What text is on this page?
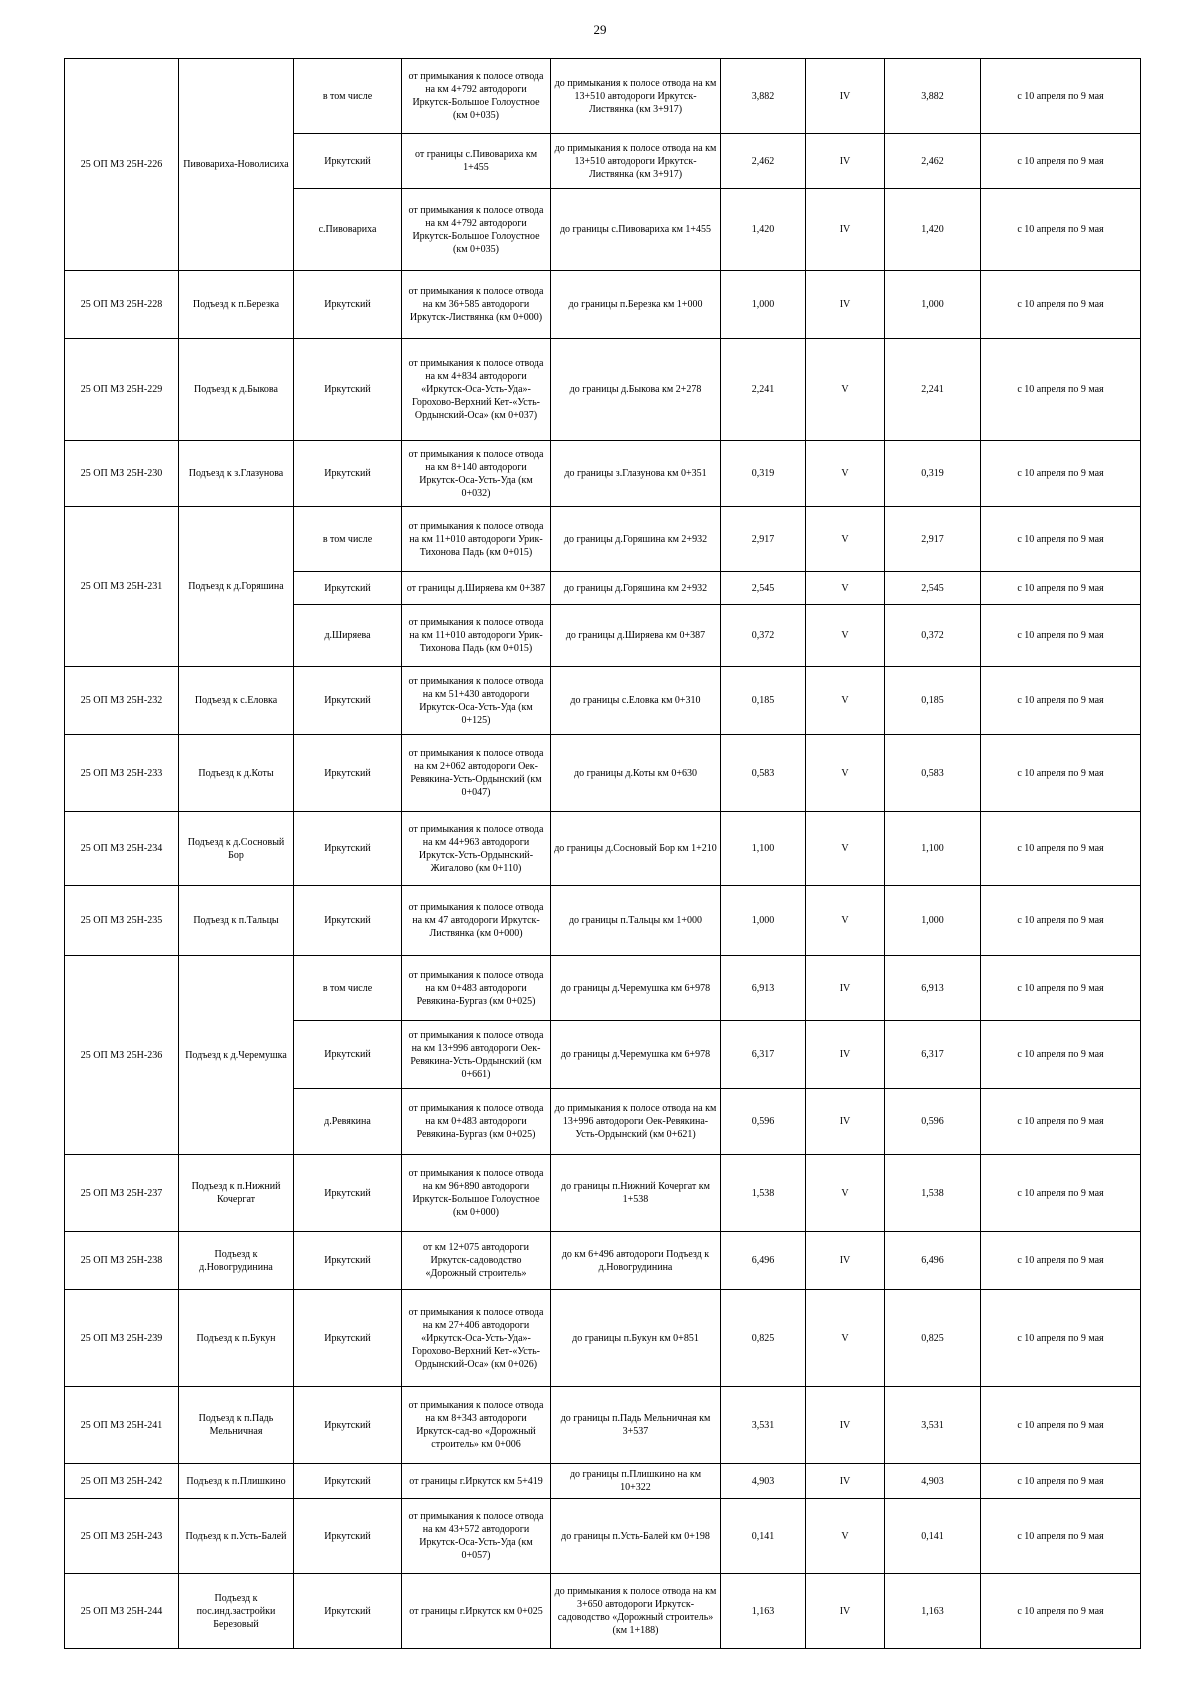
29
25 ОП МЗ 25Н-226	Пивовариха-Новолисиха	в том числе	от примыкания к полосе отвода на км 4+792 автодороги Иркутск-Большое Голоустное (км 0+035)	до примыкания к полосе отвода на км 13+510 автодороги Иркутск-Листвянка (км 3+917)	3,882	IV	3,882	с 10 апреля по 9 мая
		Иркутский	от границы с.Пивовариха км 1+455	до примыкания к полосе отвода на км 13+510 автодороги Иркутск-Листвянка (км 3+917)	2,462	IV	2,462	с 10 апреля по 9 мая
		с.Пивовариха	от примыкания к полосе отвода на км 4+792 автодороги Иркутск-Большое Голоустное (км 0+035)	до границы с.Пивовариха км 1+455	1,420	IV	1,420	с 10 апреля по 9 мая
25 ОП МЗ 25Н-228	Подъезд к п.Березка	Иркутский	от примыкания к полосе отвода на км 36+585 автодороги Иркутск-Листвянка (км 0+000)	до границы п.Березка км 1+000	1,000	IV	1,000	с 10 апреля по 9 мая
25 ОП МЗ 25Н-229	Подъезд к д.Быкова	Иркутский	от примыкания к полосе отвода на км 4+834 автодороги «Иркутск-Оса-Усть-Уда»-Горохово-Верхний Кет-«Усть-Ордынский-Оса» (км 0+037)	до границы д.Быкова км 2+278	2,241	V	2,241	с 10 апреля по 9 мая
25 ОП МЗ 25Н-230	Подъезд к з.Глазунова	Иркутский	от примыкания к полосе отвода на км 8+140 автодороги Иркутск-Оса-Усть-Уда (км 0+032)	до границы з.Глазунова км 0+351	0,319	V	0,319	с 10 апреля по 9 мая
25 ОП МЗ 25Н-231	Подъезд к д.Горяшина	в том числе	от примыкания к полосе отвода на км 11+010 автодороги Урик-Тихонова Падь (км 0+015)	до границы д.Горяшина км 2+932	2,917	V	2,917	с 10 апреля по 9 мая
		Иркутский	от границы д.Ширяева км 0+387	до границы д.Горяшина км 2+932	2,545	V	2,545	с 10 апреля по 9 мая
		д.Ширяева	от примыкания к полосе отвода на км 11+010 автодороги Урик-Тихонова Падь (км 0+015)	до границы д.Ширяева км 0+387	0,372	V	0,372	с 10 апреля по 9 мая
25 ОП МЗ 25Н-232	Подъезд к с.Еловка	Иркутский	от примыкания к полосе отвода на км 51+430 автодороги Иркутск-Оса-Усть-Уда (км 0+125)	до границы с.Еловка км 0+310	0,185	V	0,185	с 10 апреля по 9 мая
25 ОП МЗ 25Н-233	Подъезд к д.Коты	Иркутский	от примыкания к полосе отвода на км 2+062 автодороги Оек-Ревякина-Усть-Ордынский (км 0+047)	до границы д.Коты км 0+630	0,583	V	0,583	с 10 апреля по 9 мая
25 ОП МЗ 25Н-234	Подъезд к д.Сосновый Бор	Иркутский	от примыкания к полосе отвода на км 44+963 автодороги Иркутск-Усть-Ордынский-Жигалово (км 0+110)	до границы д.Сосновый Бор км 1+210	1,100	V	1,100	с 10 апреля по 9 мая
25 ОП МЗ 25Н-235	Подъезд к п.Тальцы	Иркутский	от примыкания к полосе отвода на км 47 автодороги Иркутск-Листвянка (км 0+000)	до границы п.Тальцы км 1+000	1,000	V	1,000	с 10 апреля по 9 мая
25 ОП МЗ 25Н-236	Подъезд к д.Черемушка	в том числе	от примыкания к полосе отвода на км 0+483 автодороги Ревякина-Бургаз (км 0+025)	до границы д.Черемушка км 6+978	6,913	IV	6,913	с 10 апреля по 9 мая
		Иркутский	от примыкания к полосе отвода на км 13+996 автодороги Оек-Ревякина-Усть-Ордынский (км 0+661)	до границы д.Черемушка км 6+978	6,317	IV	6,317	с 10 апреля по 9 мая
		д.Ревякина	от примыкания к полосе отвода на км 0+483 автодороги Ревякина-Бургаз (км 0+025)	до примыкания к полосе отвода на км 13+996 автодороги Оек-Ревякина-Усть-Ордынский (км 0+621)	0,596	IV	0,596	с 10 апреля по 9 мая
25 ОП МЗ 25Н-237	Подъезд к п.Нижний Кочергат	Иркутский	от примыкания к полосе отвода на км 96+890 автодороги Иркутск-Большое Голоустное (км 0+000)	до границы п.Нижний Кочергат км 1+538	1,538	V	1,538	с 10 апреля по 9 мая
25 ОП МЗ 25Н-238	Подъезд к д.Новогрудинина	Иркутский	от км 12+075 автодороги Иркутск-садоводство «Дорожный строитель»	до км 6+496 автодороги Подъезд к д.Новогрудинина	6,496	IV	6,496	с 10 апреля по 9 мая
25 ОП МЗ 25Н-239	Подъезд к п.Букун	Иркутский	от примыкания к полосе отвода на км 27+406 автодороги «Иркутск-Оса-Усть-Уда»-Горохово-Верхний Кет-«Усть-Ордынский-Оса» (км 0+026)	до границы п.Букун км 0+851	0,825	V	0,825	с 10 апреля по 9 мая
25 ОП МЗ 25Н-241	Подъезд к п.Падь Мельничная	Иркутский	от примыкания к полосе отвода на км 8+343 автодороги Иркутск-сад-во «Дорожный строитель» км 0+006	до границы п.Падь Мельничная км 3+537	3,531	IV	3,531	с 10 апреля по 9 мая
25 ОП МЗ 25Н-242	Подъезд к п.Плишкино	Иркутский	от границы г.Иркутск км 5+419	до границы п.Плишкино на км 10+322	4,903	IV	4,903	с 10 апреля по 9 мая
25 ОП МЗ 25Н-243	Подъезд к п.Усть-Балей	Иркутский	от примыкания к полосе отвода на км 43+572 автодороги Иркутск-Оса-Усть-Уда (км 0+057)	до границы п.Усть-Балей км 0+198	0,141	V	0,141	с 10 апреля по 9 мая
25 ОП МЗ 25Н-244	Подъезд к пос.инд.застройки Березовый	Иркутский	от границы г.Иркутск км 0+025	до примыкания к полосе отвода на км 3+650 автодороги Иркутск-садоводство «Дорожный строитель» (км 1+188)	1,163	IV	1,163	с 10 апреля по 9 мая
